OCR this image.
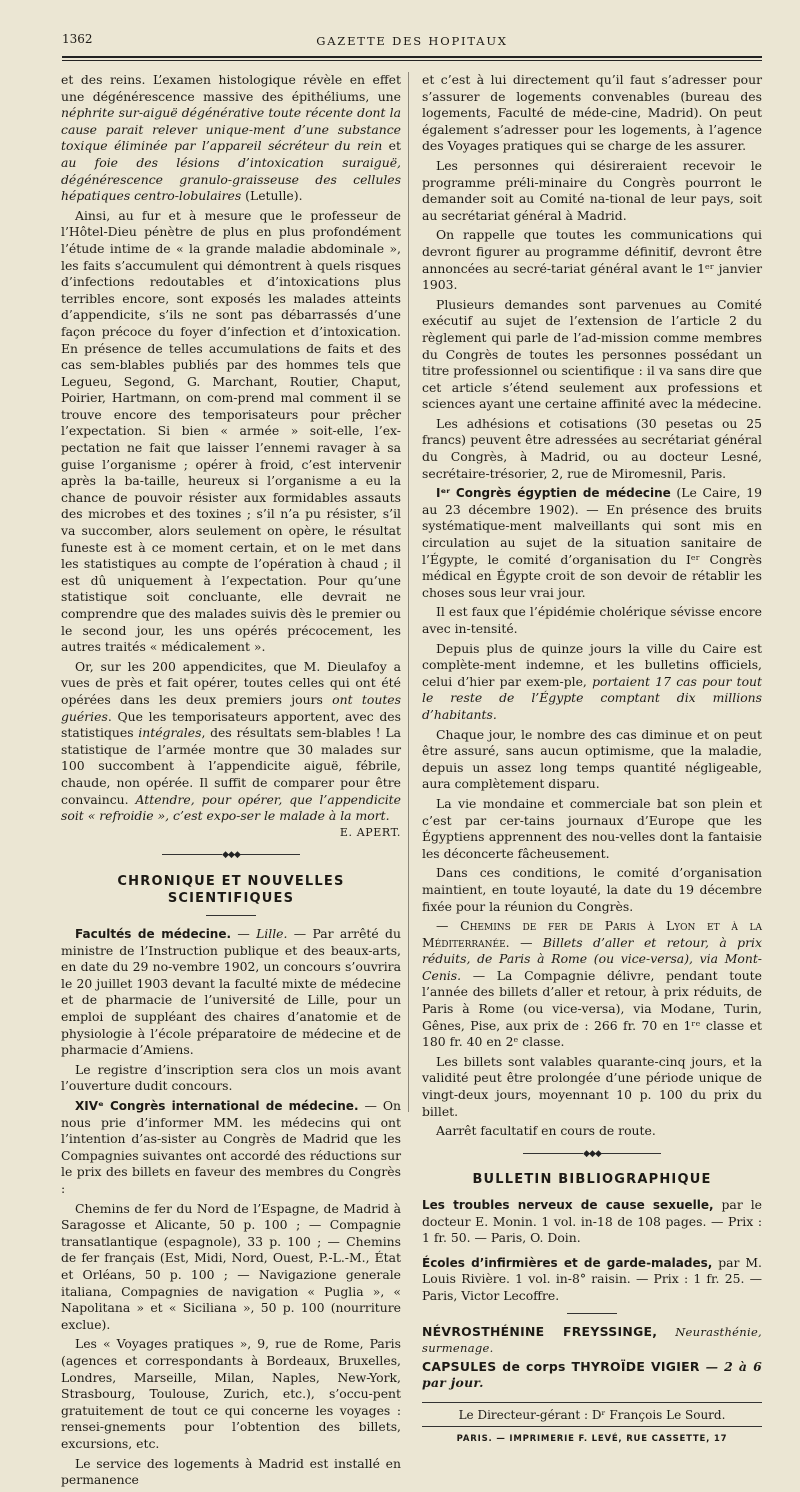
1362	GAZETTE DES HOPITAUX

et des reins. L’examen histologique révèle en effet une dégénérescence massive des épithéliums, une néphrite sur-aiguë dégénérative toute récente dont la cause parait relever unique-ment d’une substance toxique éliminée par l’appareil sécréteur du rein et au foie des lésions d’intoxication suraiguë, dégénérescence granulo-graisseuse des cellules hépatiques centro-lobulaires (Letulle).

Ainsi, au fur et à mesure que le professeur de l’Hôtel-Dieu pénètre de plus en plus profondément l’étude intime de « la grande maladie abdominale », les faits s’accumulent qui démontrent à quels risques d’infections redoutables et d’intoxications plus terribles encore, sont exposés les malades atteints d’appendicite, s’ils ne sont pas débarrassés d’une façon précoce du foyer d’infection et d’intoxication. En présence de telles accumulations de faits et des cas sem-blables publiés par des hommes tels que Legueu, Segond, G. Marchant, Routier, Chaput, Poirier, Hartmann, on com-prend mal comment il se trouve encore des temporisateurs pour prêcher l’expectation. Si bien « armée » soit-elle, l’ex-pectation ne fait que laisser l’ennemi ravager à sa guise l’organisme ; opérer à froid, c’est intervenir après la ba-taille, heureux si l’organisme a eu la chance de pouvoir résister aux formidables assauts des microbes et des toxines ; s’il n’a pu résister, s’il va succomber, alors seulement on opère, le résultat funeste est à ce moment certain, et on le met dans les statistiques au compte de l’opération à chaud ; il est dû uniquement à l’expectation. Pour qu’une statistique soit concluante, elle devrait ne comprendre que des malades suivis dès le premier ou le second jour, les uns opérés précocement, les autres traités « médicalement ».

Or, sur les 200 appendicites, que M. Dieulafoy a vues de près et fait opérer, toutes celles qui ont été opérées dans les deux premiers jours ont toutes guéries. Que les temporisateurs apportent, avec des statistiques intégrales, des résultats sem-blables ! La statistique de l’armée montre que 30 malades sur 100 succombent à l’appendicite aiguë, fébrile, chaude, non opérée. Il suffit de comparer pour être convaincu. Attendre, pour opérer, que l’appendicite soit « refroidie », c’est expo-ser le malade à la mort.
E. APERT.

◆◆◆
CHRONIQUE ET NOUVELLES SCIENTIFIQUES

Facultés de médecine. — Lille. — Par arrêté du ministre de l’Instruction publique et des beaux-arts, en date du 29 no-vembre 1902, un concours s’ouvrira le 20 juillet 1903 devant la faculté mixte de médecine et de pharmacie de l’université de Lille, pour un emploi de suppléant des chaires d’anatomie et de physiologie à l’école préparatoire de médecine et de pharmacie d’Amiens.

Le registre d’inscription sera clos un mois avant l’ouverture dudit concours.

XIVᵉ Congrès international de médecine. — On nous prie d’informer MM. les médecins qui ont l’intention d’as-sister au Congrès de Madrid que les Compagnies suivantes ont accordé des réductions sur le prix des billets en faveur des membres du Congrès :

Chemins de fer du Nord de l’Espagne, de Madrid à Saragosse et Alicante, 50 p. 100 ; — Compagnie transatlantique (espagnole), 33 p. 100 ; — Chemins de fer français (Est, Midi, Nord, Ouest, P.-L.-M., État et Orléans, 50 p. 100 ; — Navigazione generale italiana, Compagnies de navigation « Puglia », « Napolitana » et « Siciliana », 50 p. 100 (nourriture exclue).

Les « Voyages pratiques », 9, rue de Rome, Paris (agences et correspondants à Bordeaux, Bruxelles, Londres, Marseille, Milan, Naples, New-York, Strasbourg, Toulouse, Zurich, etc.), s’occu-pent gratuitement de tout ce qui concerne les voyages : rensei-gnements pour l’obtention des billets, excursions, etc.

Le service des logements à Madrid est installé en permanence

et c’est à lui directement qu’il faut s’adresser pour s’assurer de logements convenables (bureau des logements, Faculté de méde-cine, Madrid). On peut également s’adresser pour les logements, à l’agence des Voyages pratiques qui se charge de les assurer.

Les personnes qui désireraient recevoir le programme préli-minaire du Congrès pourront le demander soit au Comité na-tional de leur pays, soit au secrétariat général à Madrid.

On rappelle que toutes les communications qui devront figurer au programme définitif, devront être annoncées au secré-tariat général avant le 1ᵉʳ janvier 1903.

Plusieurs demandes sont parvenues au Comité exécutif au sujet de l’extension de l’article 2 du règlement qui parle de l’ad-mission comme membres du Congrès de toutes les personnes possédant un titre professionnel ou scientifique : il va sans dire que cet article s’étend seulement aux professions et sciences ayant une certaine affinité avec la médecine.

Les adhésions et cotisations (30 pesetas ou 25 francs) peuvent être adressées au secrétariat général du Congrès, à Madrid, ou au docteur Lesné, secrétaire-trésorier, 2, rue de Miromesnil, Paris.

Iᵉʳ Congrès égyptien de médecine (Le Caire, 19 au 23 décembre 1902). — En présence des bruits systématique-ment malveillants qui sont mis en circulation au sujet de la situation sanitaire de l’Égypte, le comité d’organisation du Iᵉʳ Congrès médical en Égypte croit de son devoir de rétablir les choses sous leur vrai jour.

Il est faux que l’épidémie cholérique sévisse encore avec in-tensité.

Depuis plus de quinze jours la ville du Caire est complète-ment indemne, et les bulletins officiels, celui d’hier par exem-ple, portaient 17 cas pour tout le reste de l’Égypte comptant dix millions d’habitants.

Chaque jour, le nombre des cas diminue et on peut être assuré, sans aucun optimisme, que la maladie, depuis un assez long temps quantité négligeable, aura complètement disparu.

La vie mondaine et commerciale bat son plein et c’est par cer-tains journaux d’Europe que les Égyptiens apprennent des nou-velles dont la fantaisie les déconcerte fâcheusement.

Dans ces conditions, le comité d’organisation maintient, en toute loyauté, la date du 19 décembre fixée pour la réunion du Congrès.

— Chemins de fer de Paris à Lyon et à la Méditerranée. — Billets d’aller et retour, à prix réduits, de Paris à Rome (ou vice-versa), via Mont-Cenis. — La Compagnie délivre, pendant toute l’année des billets d’aller et retour, à prix réduits, de Paris à Rome (ou vice-versa), via Modane, Turin, Gênes, Pise, aux prix de : 266 fr. 70 en 1ʳᵉ classe et 180 fr. 40 en 2ᵉ classe.

Les billets sont valables quarante-cinq jours, et la validité peut être prolongée d’une période unique de vingt-deux jours, moyennant 10 p. 100 du prix du billet.

Aarrêt facultatif en cours de route.

◆◆◆
BULLETIN BIBLIOGRAPHIQUE

Les troubles nerveux de cause sexuelle, par le docteur E. Monin. 1 vol. in-18 de 108 pages. — Prix : 1 fr. 50. — Paris, O. Doin.

Écoles d’infirmières et de garde-malades, par M. Louis Rivière. 1 vol. in-8° raisin. — Prix : 1 fr. 25. — Paris, Victor Lecoffre.

NÉVROSTHÉNINE FREYSSINGE, Neurasthénie, surmenage.

CAPSULES de corps THYROÏDE VIGIER — 2 à 6 par jour.

Le Directeur-gérant : Dʳ François Le Sourd.

PARIS. — IMPRIMERIE F. LEVÉ, RUE CASSETTE, 17
